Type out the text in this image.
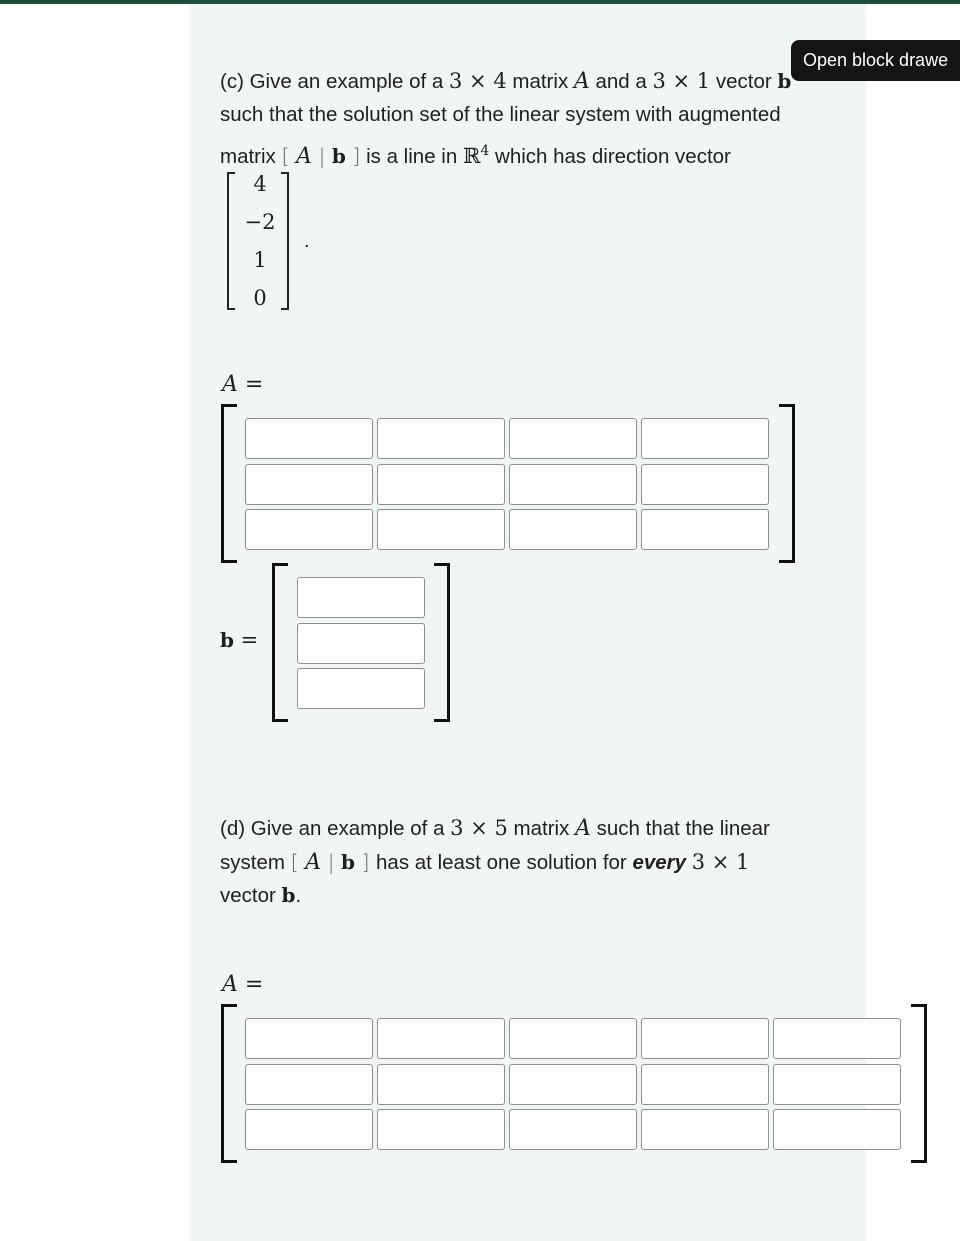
Open block drawe
(c) Give an example of a 3 × 4 matrix A and a 3 × 1 vector b
such that the solution set of the linear system with augmented
matrix [ A | b ] is a line in ℝ$^4$ which has direction vector
4
−2
1
0
.
A =
b =
(d) Give an example of a 3 × 5 matrix A such that the linear
system [ A | b ] has at least one solution for every 3 × 1
vector b.
A =
